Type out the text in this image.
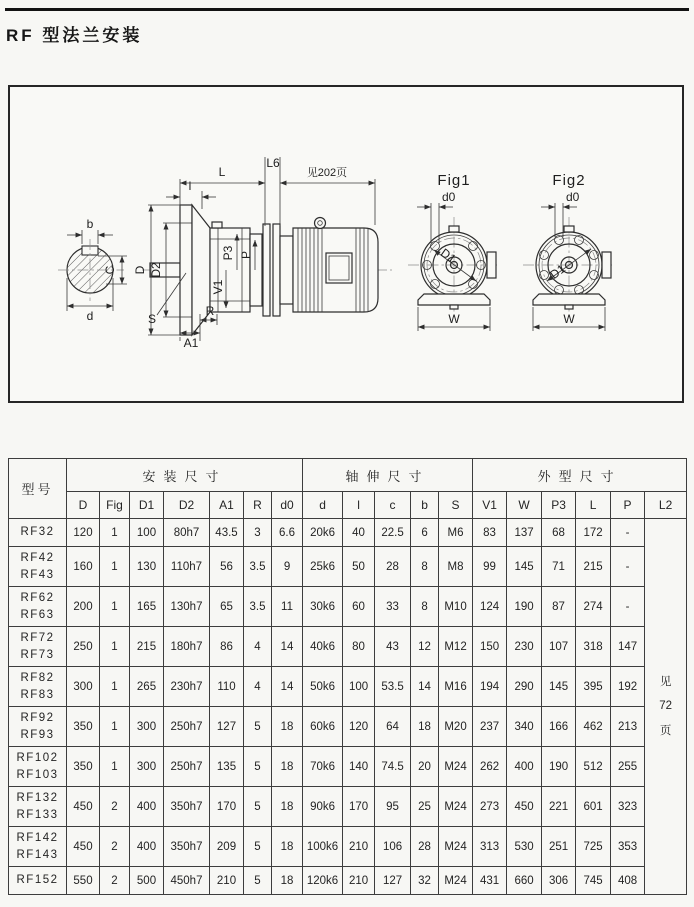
RF 型法兰安装
b
C
d
l
L
L6
见202页
D D2
P3 P
V1
S
A1
R
Fig1
d0
D1
W
Fig2
d0
D1
W
型号	安装尺寸							轴伸尺寸					外型尺寸					
	D	Fig	D1	D2	A1	R	d0	d	l	c	b	S	V1	W	P3	L	P	L2

RF32	120	1	100	80h7	43.5	3	6.6	20k6	40	22.5	6	M6	83	137	68	172	-	见
72
页

RF42
RF43	160	1	130	110h7	56	3.5	9	25k6	50	28	8	M8	99	145	71	215	-	

RF62
RF63	200	1	165	130h7	65	3.5	11	30k6	60	33	8	M10	124	190	87	274	-	

RF72
RF73	250	1	215	180h7	86	4	14	40k6	80	43	12	M12	150	230	107	318	147	

RF82
RF83	300	1	265	230h7	110	4	14	50k6	100	53.5	14	M16	194	290	145	395	192	

RF92
RF93	350	1	300	250h7	127	5	18	60k6	120	64	18	M20	237	340	166	462	213	

RF102
RF103	350	1	300	250h7	135	5	18	70k6	140	74.5	20	M24	262	400	190	512	255	

RF132
RF133	450	2	400	350h7	170	5	18	90k6	170	95	25	M24	273	450	221	601	323	

RF142
RF143	450	2	400	350h7	209	5	18	100k6	210	106	28	M24	313	530	251	725	353	

RF152	550	2	500	450h7	210	5	18	120k6	210	127	32	M24	431	660	306	745	408	
